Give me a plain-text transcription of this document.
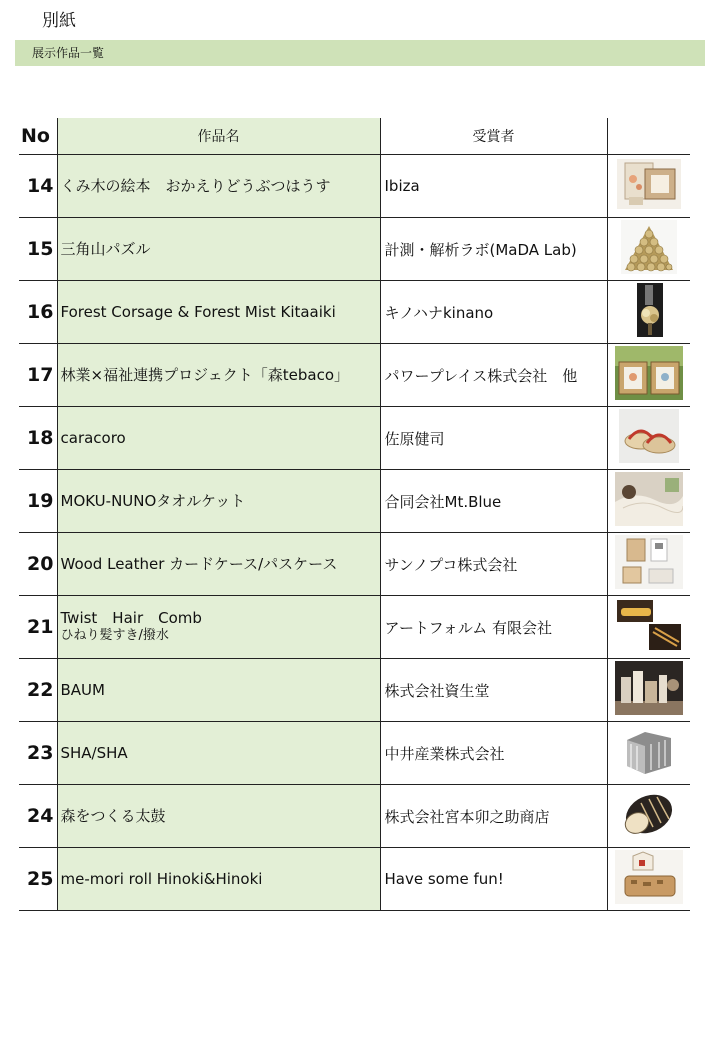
別紙
展示作品一覧
No	作品名	受賞者	
14	くみ木の絵本　おかえりどうぶつはうす	Ibiza	

15	三角山パズル	計測・解析ラボ(MaDA Lab)	

16	Forest Corsage & Forest Mist Kitaaiki	キノハナkinano	

17	林業×福祉連携プロジェクト「森tebaco」	パワープレイス株式会社　他	

18	caracoro	佐原健司	

19	MOKU-NUNOタオルケット	合同会社Mt.Blue	

20	Wood Leather カードケース/パスケース	サンノプコ株式会社	

21	Twist　Hair　Comb
ひねり髪すき/撥水	アートフォルム 有限会社	

22	BAUM	株式会社資生堂	

23	SHA/SHA	中井産業株式会社	

24	森をつくる太鼓	株式会社宮本卯之助商店	

25	me-mori roll Hinoki&Hinoki	Have some fun!	
